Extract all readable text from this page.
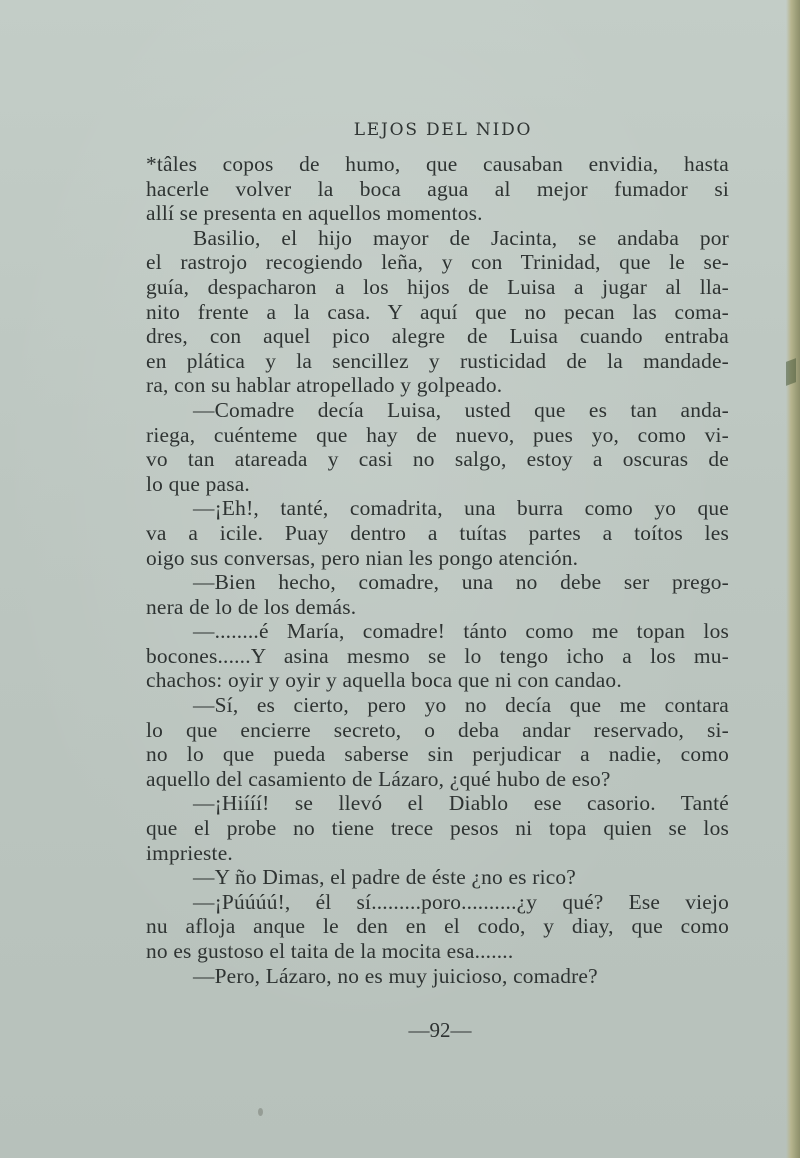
LEJOS DEL NIDO
*tâles copos de humo, que causaban envidia, hasta
hacerle volver la boca agua al mejor fumador si
allí se presenta en aquellos momentos.
Basilio, el hijo mayor de Jacinta, se andaba por
el rastrojo recogiendo leña, y con Trinidad, que le se-
guía, despacharon a los hijos de Luisa a jugar al lla-
nito frente a la casa. Y aquí que no pecan las coma-
dres, con aquel pico alegre de Luisa cuando entraba
en plática y la sencillez y rusticidad de la mandade-
ra, con su hablar atropellado y golpeado.
—Comadre decía Luisa, usted que es tan anda-
riega, cuénteme que hay de nuevo, pues yo, como vi-
vo tan atareada y casi no salgo, estoy a oscuras de
lo que pasa.
—¡Eh!, tanté, comadrita, una burra como yo que
va a icile. Puay dentro a tuítas partes a toítos les
oigo sus conversas, pero nian les pongo atención.
—Bien hecho, comadre, una no debe ser prego-
nera de lo de los demás.
—........é María, comadre! tánto como me topan los
bocones......Y asina mesmo se lo tengo icho a los mu-
chachos: oyir y oyir y aquella boca que ni con candao.
—Sí, es cierto, pero yo no decía que me contara
lo que encierre secreto, o deba andar reservado, si-
no lo que pueda saberse sin perjudicar a nadie, como
aquello del casamiento de Lázaro, ¿qué hubo de eso?
—¡Hiííí! se llevó el Diablo ese casorio. Tanté
que el probe no tiene trece pesos ni topa quien se los
imprieste.
—Y ño Dimas, el padre de éste ¿no es rico?
—¡Púúúú!, él sí.........poro..........¿y qué? Ese viejo
nu afloja anque le den en el codo, y diay, que como
no es gustoso el taita de la mocita esa.......
—Pero, Lázaro, no es muy juicioso, comadre?
—92—
